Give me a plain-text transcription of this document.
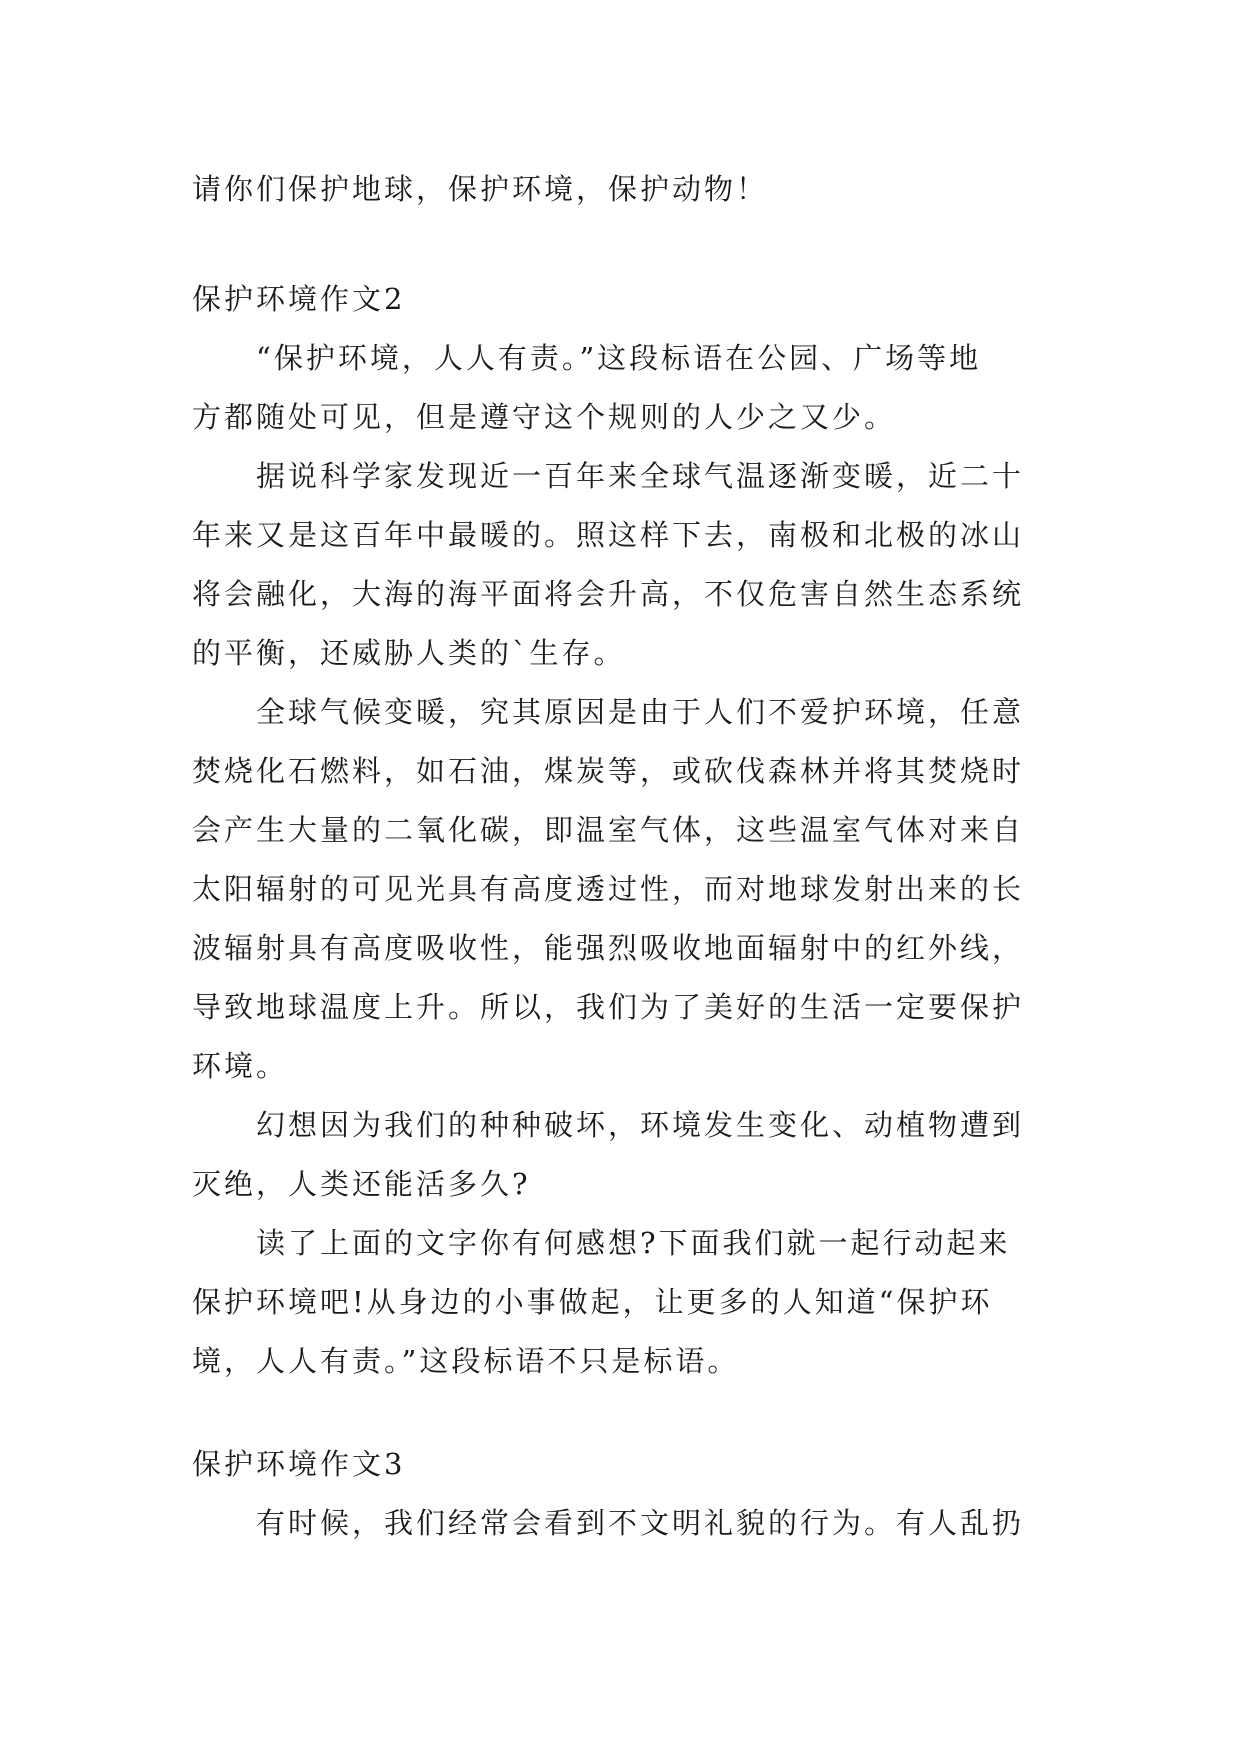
请你们保护地球，保护环境，保护动物！
保护环境作文2
“保护环境，人人有责。”这段标语在公园、广场等地
方都随处可见，但是遵守这个规则的人少之又少。
据说科学家发现近一百年来全球气温逐渐变暖，近二十
年来又是这百年中最暖的。照这样下去，南极和北极的冰山
将会融化，大海的海平面将会升高，不仅危害自然生态系统
的平衡，还威胁人类的`生存。
全球气候变暖，究其原因是由于人们不爱护环境，任意
焚烧化石燃料，如石油，煤炭等，或砍伐森林并将其焚烧时
会产生大量的二氧化碳，即温室气体，这些温室气体对来自
太阳辐射的可见光具有高度透过性，而对地球发射出来的长
波辐射具有高度吸收性，能强烈吸收地面辐射中的红外线，
导致地球温度上升。所以，我们为了美好的生活一定要保护
环境。
幻想因为我们的种种破坏，环境发生变化、动植物遭到
灭绝，人类还能活多久?
读了上面的文字你有何感想?下面我们就一起行动起来
保护环境吧!从身边的小事做起，让更多的人知道“保护环
境，人人有责。”这段标语不只是标语。
保护环境作文3
有时候，我们经常会看到不文明礼貌的行为。有人乱扔
